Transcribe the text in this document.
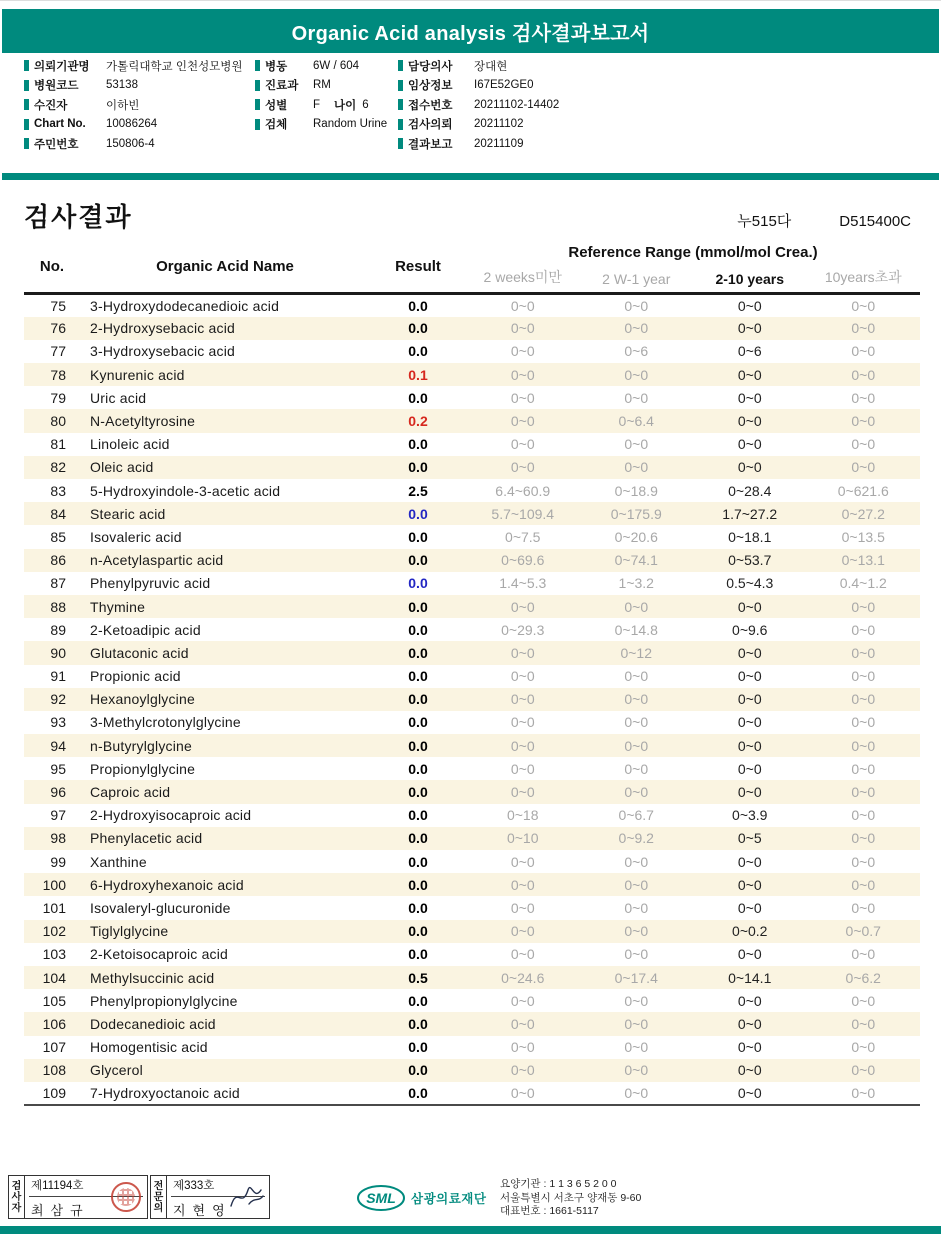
Organic Acid analysis 검사결과보고서
의뢰기관명	가톨릭대학교 인천성모병원
병원코드	53138
수진자	이하빈
Chart No.	10086264
주민번호	150806-4
병동	6W / 604
진료과	RM
성별	F 나이 6
검체	Random Urine
담당의사	장대현
임상정보	I67E52GE0
접수번호	20211102-14402
검사의뢰	20211102
결과보고	20211109
검사결과	누515다	D515400C
No.	Organic Acid Name	Result	Reference Range (mmol/mol Crea.)			
			2 weeks미만	2 W-1 year	2-10 years	10years초과
75	3-Hydroxydodecanedioic acid	0.0	0~0	0~0	0~0	0~0
76	2-Hydroxysebacic acid	0.0	0~0	0~0	0~0	0~0
77	3-Hydroxysebacic acid	0.0	0~0	0~6	0~6	0~0
78	Kynurenic acid	0.1	0~0	0~0	0~0	0~0
79	Uric acid	0.0	0~0	0~0	0~0	0~0
80	N-Acetyltyrosine	0.2	0~0	0~6.4	0~0	0~0
81	Linoleic acid	0.0	0~0	0~0	0~0	0~0
82	Oleic acid	0.0	0~0	0~0	0~0	0~0
83	5-Hydroxyindole-3-acetic acid	2.5	6.4~60.9	0~18.9	0~28.4	0~621.6
84	Stearic acid	0.0	5.7~109.4	0~175.9	1.7~27.2	0~27.2
85	Isovaleric acid	0.0	0~7.5	0~20.6	0~18.1	0~13.5
86	n-Acetylaspartic acid	0.0	0~69.6	0~74.1	0~53.7	0~13.1
87	Phenylpyruvic acid	0.0	1.4~5.3	1~3.2	0.5~4.3	0.4~1.2
88	Thymine	0.0	0~0	0~0	0~0	0~0
89	2-Ketoadipic acid	0.0	0~29.3	0~14.8	0~9.6	0~0
90	Glutaconic acid	0.0	0~0	0~12	0~0	0~0
91	Propionic acid	0.0	0~0	0~0	0~0	0~0
92	Hexanoylglycine	0.0	0~0	0~0	0~0	0~0
93	3-Methylcrotonylglycine	0.0	0~0	0~0	0~0	0~0
94	n-Butyrylglycine	0.0	0~0	0~0	0~0	0~0
95	Propionylglycine	0.0	0~0	0~0	0~0	0~0
96	Caproic acid	0.0	0~0	0~0	0~0	0~0
97	2-Hydroxyisocaproic acid	0.0	0~18	0~6.7	0~3.9	0~0
98	Phenylacetic acid	0.0	0~10	0~9.2	0~5	0~0
99	Xanthine	0.0	0~0	0~0	0~0	0~0
100	6-Hydroxyhexanoic acid	0.0	0~0	0~0	0~0	0~0
101	Isovaleryl-glucuronide	0.0	0~0	0~0	0~0	0~0
102	Tiglylglycine	0.0	0~0	0~0	0~0.2	0~0.7
103	2-Ketoisocaproic acid	0.0	0~0	0~0	0~0	0~0
104	Methylsuccinic acid	0.5	0~24.6	0~17.4	0~14.1	0~6.2
105	Phenylpropionylglycine	0.0	0~0	0~0	0~0	0~0
106	Dodecanedioic acid	0.0	0~0	0~0	0~0	0~0
107	Homogentisic acid	0.0	0~0	0~0	0~0	0~0
108	Glycerol	0.0	0~0	0~0	0~0	0~0
109	7-Hydroxyoctanoic acid	0.0	0~0	0~0	0~0	0~0
검사자
제11194호
최삼규
전문의
제333호
지현영
SML 삼광의료재단
요양기관 : 1 1 3 6 5 2 0 0
서울특별시 서초구 양재동 9-60
대표번호 : 1661-5117
